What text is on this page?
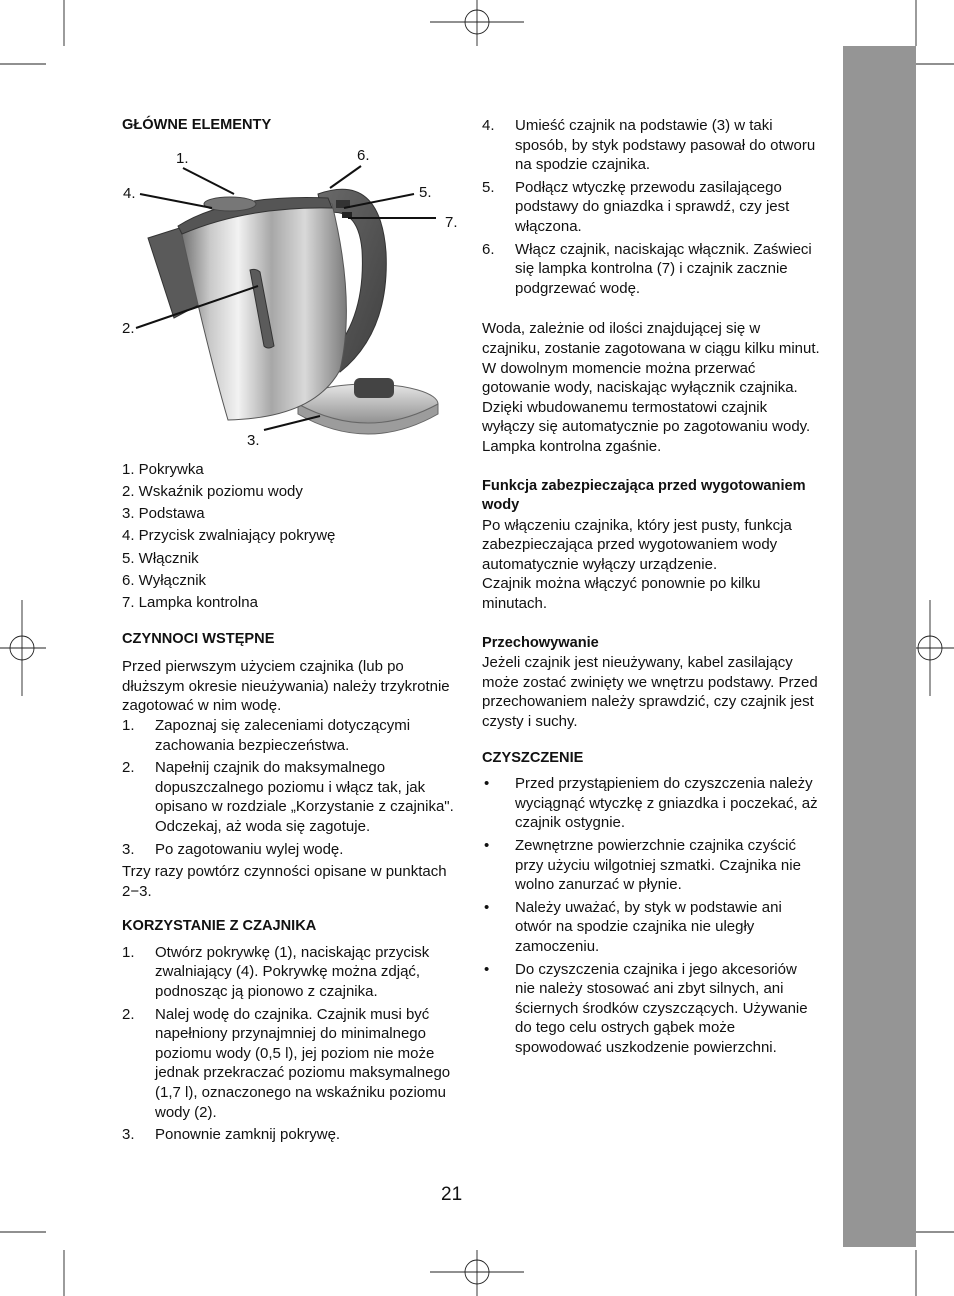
1.	6.
4.	5.
7.
2.
3.

GŁÓWNE ELEMENTY

1. Pokrywka
2. Wskaźnik poziomu wody
3. Podstawa
4. Przycisk zwalniający pokrywę
5. Włącznik
6. Wyłącznik
7. Lampka kontrolna

CZYNNOCI WSTĘPNE

Przed pierwszym użyciem czajnika (lub po dłuższym okresie nieużywania) należy trzykrotnie zagotować w nim wodę.

1. Zapoznaj się zaleceniami dotyczącymi zachowania bezpieczeństwa.
2. Napełnij czajnik do maksymalnego dopuszczalnego poziomu i włącz tak, jak opisano w rozdziale „Korzystanie z czajnika". Odczekaj, aż woda się zagotuje.
3. Po zagotowaniu wylej wodę.

Trzy razy powtórz czynności opisane w punktach 2−3.

KORZYSTANIE Z CZAJNIKA

1. Otwórz pokrywkę (1), naciskając przycisk zwalniający (4). Pokrywkę można zdjąć, podnosząc ją pionowo z czajnika.
2. Nalej wodę do czajnika. Czajnik musi być napełniony przynajmniej do minimalnego poziomu wody (0,5 l), jej poziom nie może jednak przekraczać poziomu maksymalnego (1,7 l), oznaczonego na wskaźniku poziomu wody (2).
3. Ponownie zamknij pokrywę.
4. Umieść czajnik na podstawie (3) w taki sposób, by styk podstawy pasował do otworu na spodzie czajnika.
5. Podłącz wtyczkę przewodu zasilającego podstawy do gniazdka i sprawdź, czy jest włączona.
6. Włącz czajnik, naciskając włącznik. Zaświeci się lampka kontrolna (7) i czajnik zacznie podgrzewać wodę.

Woda, zależnie od ilości znajdującej się w czajniku, zostanie zagotowana w ciągu kilku minut. W dowolnym momencie można przerwać gotowanie wody, naciskając wyłącznik czajnika. Dzięki wbudowanemu termostatowi czajnik wyłączy się automatycznie po zagotowaniu wody. Lampka kontrolna zgaśnie.

Funkcja zabezpieczająca przed wygotowaniem wody

Po włączeniu czajnika, który jest pusty, funkcja zabezpieczająca przed wygotowaniem wody automatycznie wyłączy urządzenie.

Czajnik można włączyć ponownie po kilku minutach.

Przechowywanie

Jeżeli czajnik jest nieużywany, kabel zasilający może zostać zwinięty we wnętrzu podstawy. Przed przechowaniem należy sprawdzić, czy czajnik jest czysty i suchy.

CZYSZCZENIE

• Przed przystąpieniem do czyszczenia należy wyciągnąć wtyczkę z gniazdka i poczekać, aż czajnik ostygnie.
• Zewnętrzne powierzchnie czajnika czyścić przy użyciu wilgotniej szmatki. Czajnika nie wolno zanurzać w płynie.
• Należy uważać, by styk w podstawie ani otwór na spodzie czajnika nie uległy zamoczeniu.
• Do czyszczenia czajnika i jego akcesoriów nie należy stosować ani zbyt silnych, ani ściernych środków czyszczących. Używanie do tego celu ostrych gąbek może spowodować uszkodzenie powierzchni.
21
